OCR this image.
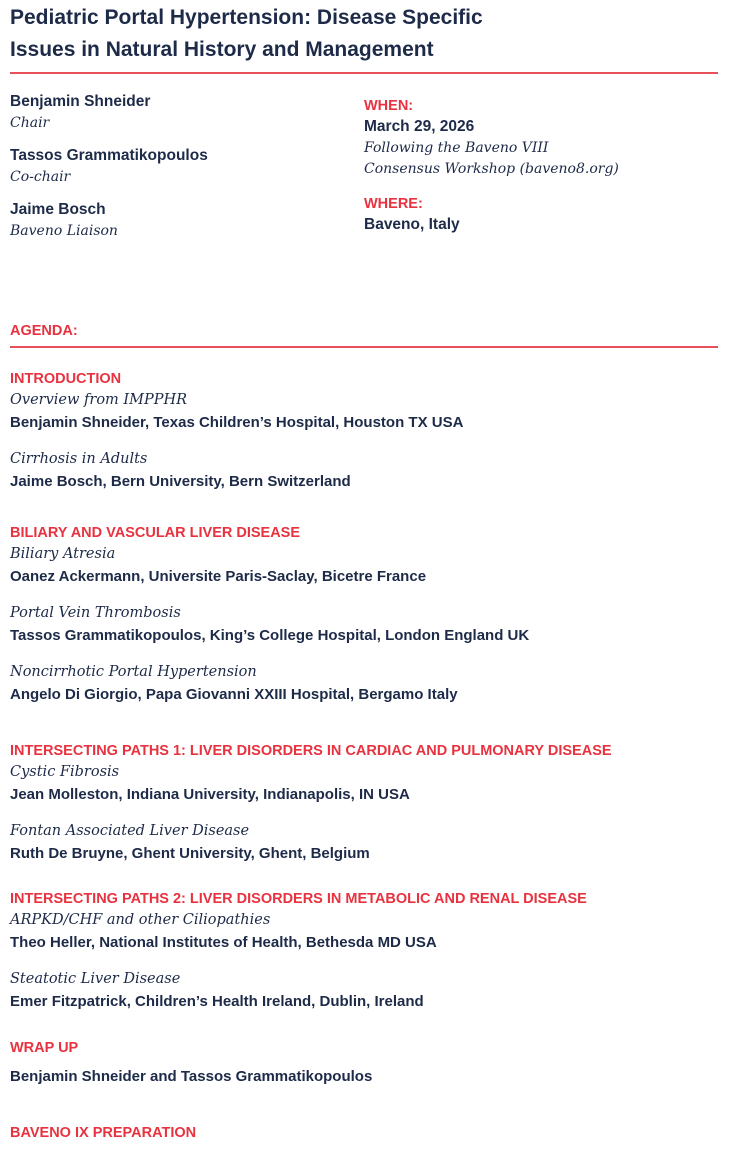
Pediatric Portal Hypertension: Disease Specific
Issues in Natural History and Management
Benjamin Shneider
Chair
Tassos Grammatikopoulos
Co-chair
Jaime Bosch
Baveno Liaison
WHEN:
March 29, 2026
Following the Baveno VIII
Consensus Workshop (baveno8.org)
WHERE:
Baveno, Italy
AGENDA:
INTRODUCTION
Overview from IMPPHR
Benjamin Shneider, Texas Children’s Hospital, Houston TX USA
Cirrhosis in Adults
Jaime Bosch, Bern University, Bern Switzerland
BILIARY AND VASCULAR LIVER DISEASE
Biliary Atresia
Oanez Ackermann, Universite Paris-Saclay, Bicetre France
Portal Vein Thrombosis
Tassos Grammatikopoulos, King’s College Hospital, London England UK
Noncirrhotic Portal Hypertension
Angelo Di Giorgio, Papa Giovanni XXIII Hospital, Bergamo Italy
INTERSECTING PATHS 1: LIVER DISORDERS IN CARDIAC AND PULMONARY DISEASE
Cystic Fibrosis
Jean Molleston, Indiana University, Indianapolis, IN USA
Fontan Associated Liver Disease
Ruth De Bruyne, Ghent University, Ghent, Belgium
INTERSECTING PATHS 2: LIVER DISORDERS IN METABOLIC AND RENAL DISEASE
ARPKD/CHF and other Ciliopathies
Theo Heller, National Institutes of Health, Bethesda MD USA
Steatotic Liver Disease
Emer Fitzpatrick, Children’s Health Ireland, Dublin, Ireland
WRAP UP
Benjamin Shneider and Tassos Grammatikopoulos
BAVENO IX PREPARATION
